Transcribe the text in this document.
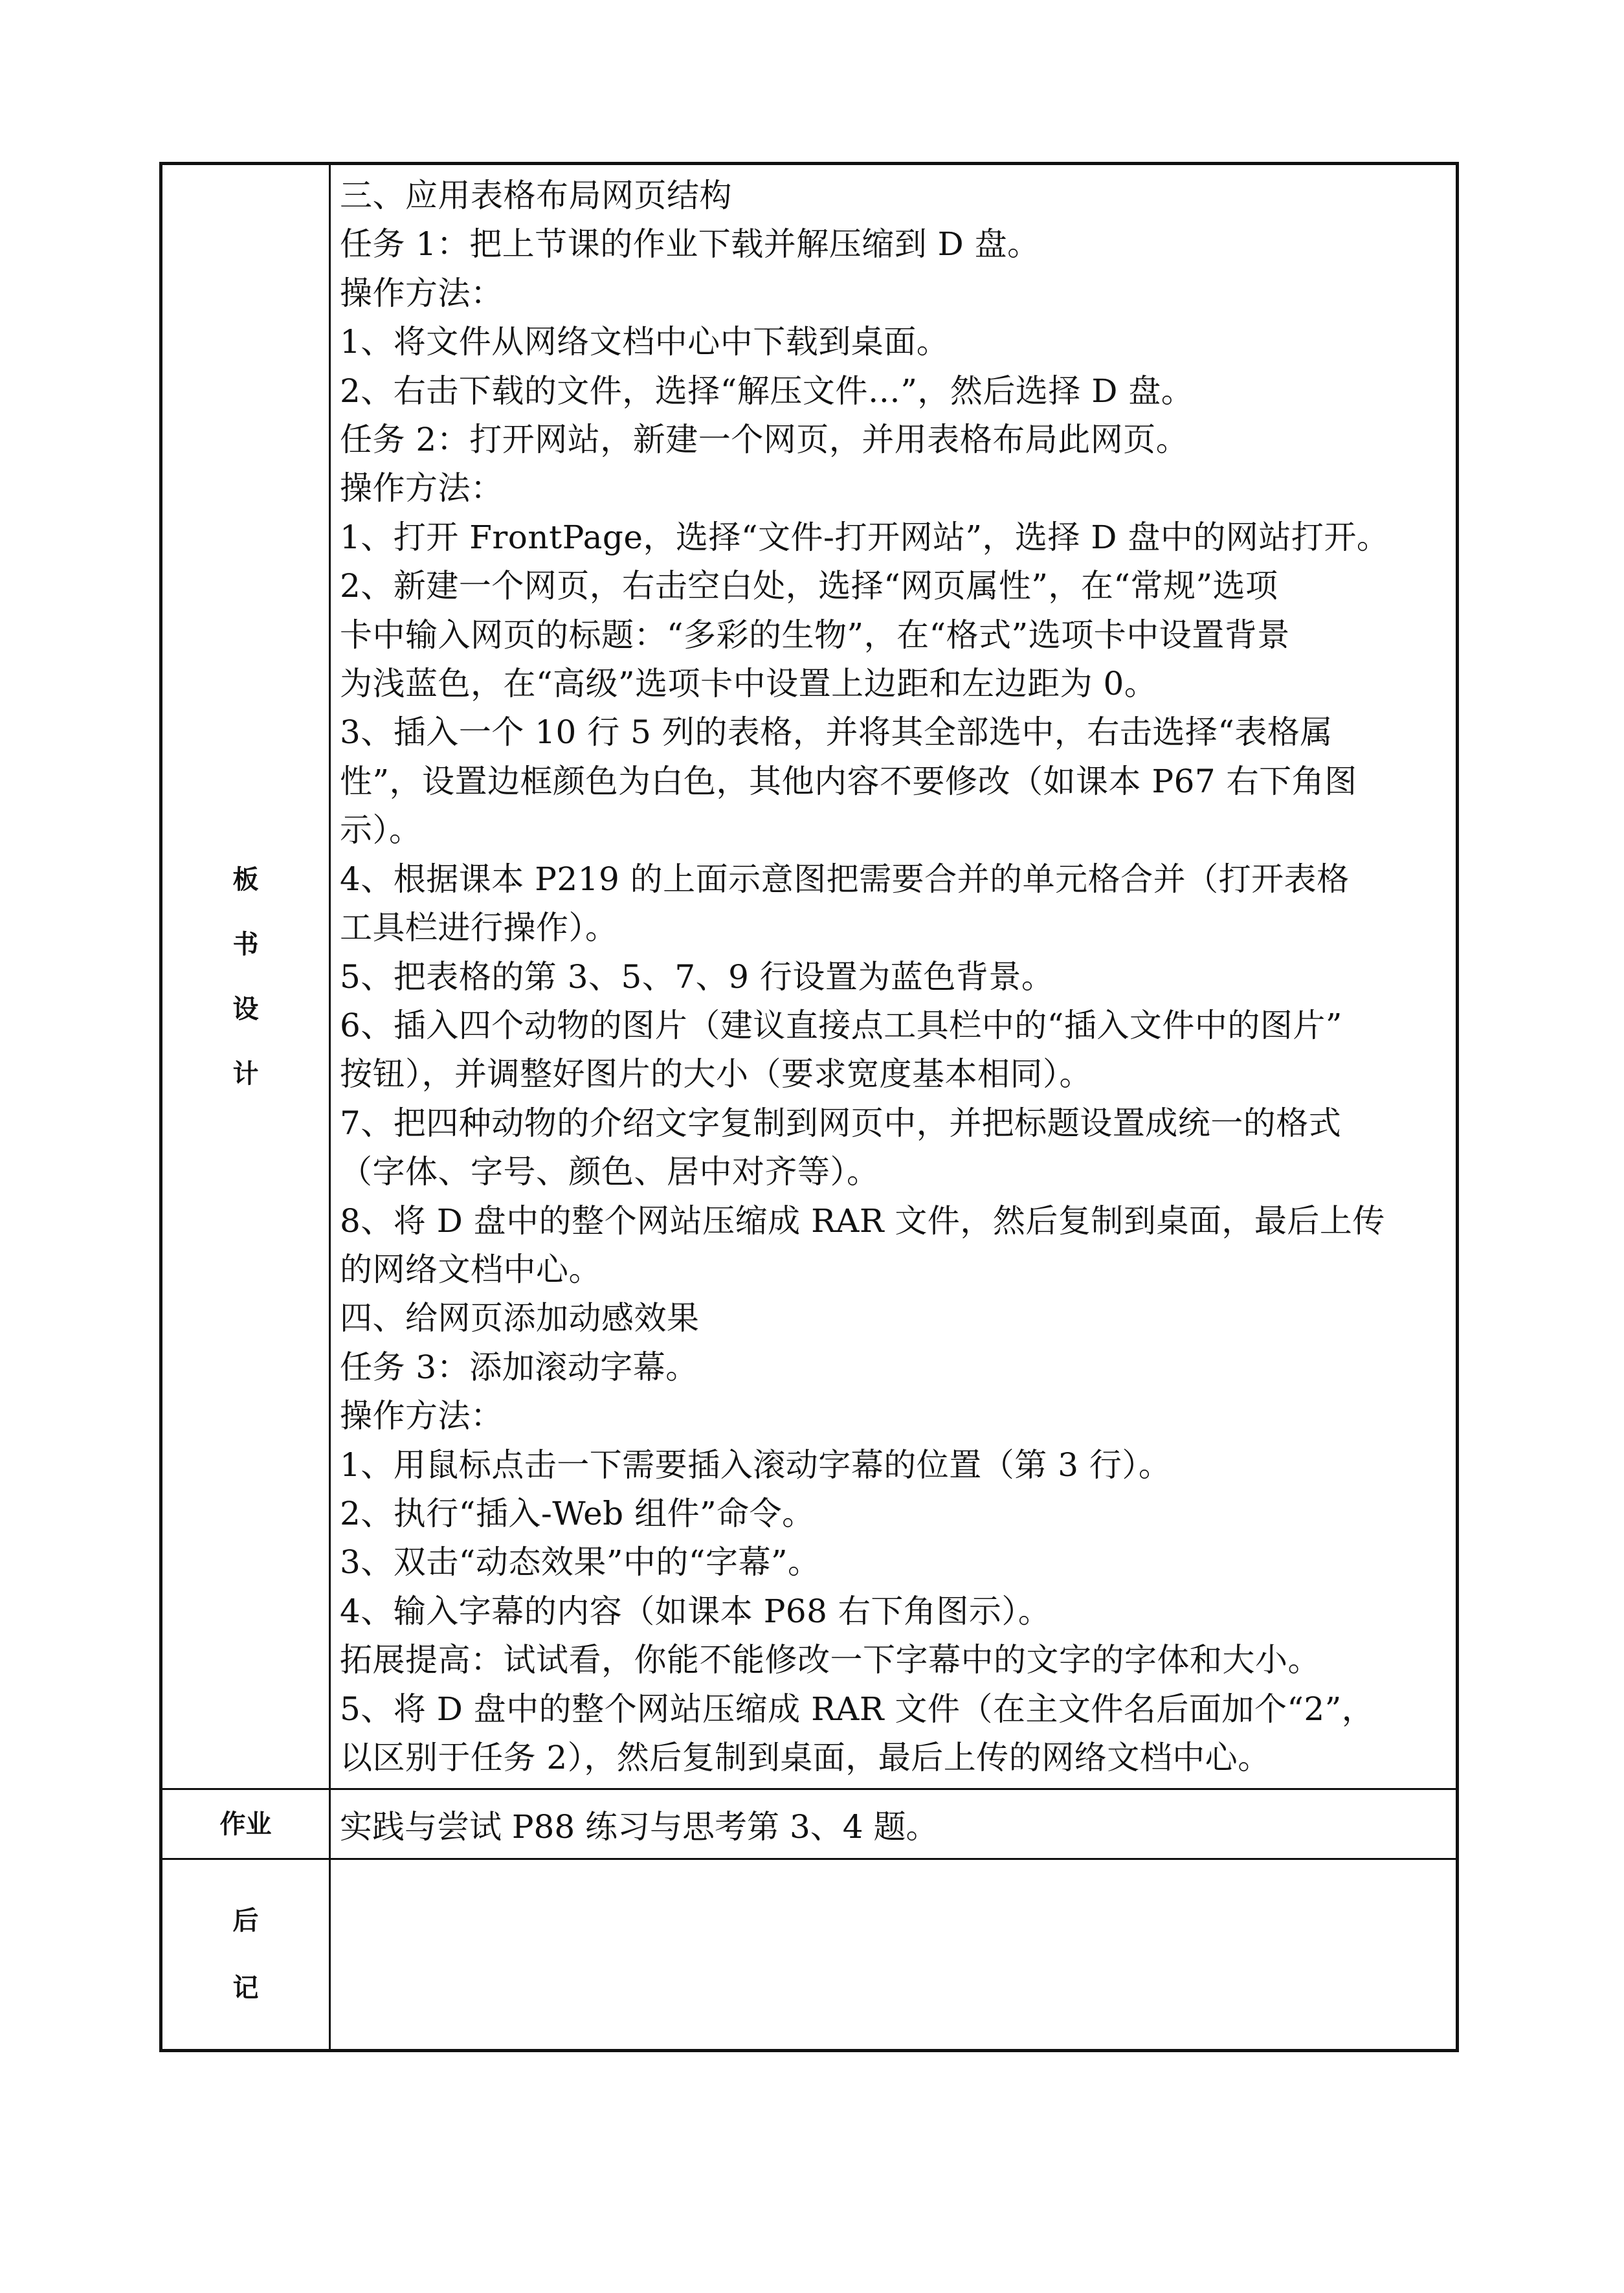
板
书
设
计
三、应用表格布局网页结构
任务 1：把上节课的作业下载并解压缩到 D 盘。
操作方法：
1、将文件从网络文档中心中下载到桌面。
2、右击下载的文件，选择“解压文件…”，然后选择 D 盘。
任务 2：打开网站，新建一个网页，并用表格布局此网页。
操作方法：
1、打开 FrontPage，选择“文件-打开网站”，选择 D 盘中的网站打开。
2、新建一个网页，右击空白处，选择“网页属性”，在“常规”选项
卡中输入网页的标题：“多彩的生物”，在“格式”选项卡中设置背景
为浅蓝色，在“高级”选项卡中设置上边距和左边距为 0。
3、插入一个 10 行 5 列的表格，并将其全部选中，右击选择“表格属
性”，设置边框颜色为白色，其他内容不要修改（如课本 P67 右下角图
示）。
4、根据课本 P219 的上面示意图把需要合并的单元格合并（打开表格
工具栏进行操作）。
5、把表格的第 3、5、7、9 行设置为蓝色背景。
6、插入四个动物的图片（建议直接点工具栏中的“插入文件中的图片”
按钮），并调整好图片的大小（要求宽度基本相同）。
7、把四种动物的介绍文字复制到网页中，并把标题设置成统一的格式
（字体、字号、颜色、居中对齐等）。
8、将 D 盘中的整个网站压缩成 RAR 文件，然后复制到桌面，最后上传
的网络文档中心。
四、给网页添加动感效果
任务 3：添加滚动字幕。
操作方法：
1、用鼠标点击一下需要插入滚动字幕的位置（第 3 行）。
2、执行“插入-Web 组件”命令。
3、双击“动态效果”中的“字幕”。
4、输入字幕的内容（如课本 P68 右下角图示）。
拓展提高：试试看，你能不能修改一下字幕中的文字的字体和大小。
5、将 D 盘中的整个网站压缩成 RAR 文件（在主文件名后面加个“2”，
以区别于任务 2），然后复制到桌面，最后上传的网络文档中心。
作业 实践与尝试 P88 练习与思考第 3、4 题。
后
记
